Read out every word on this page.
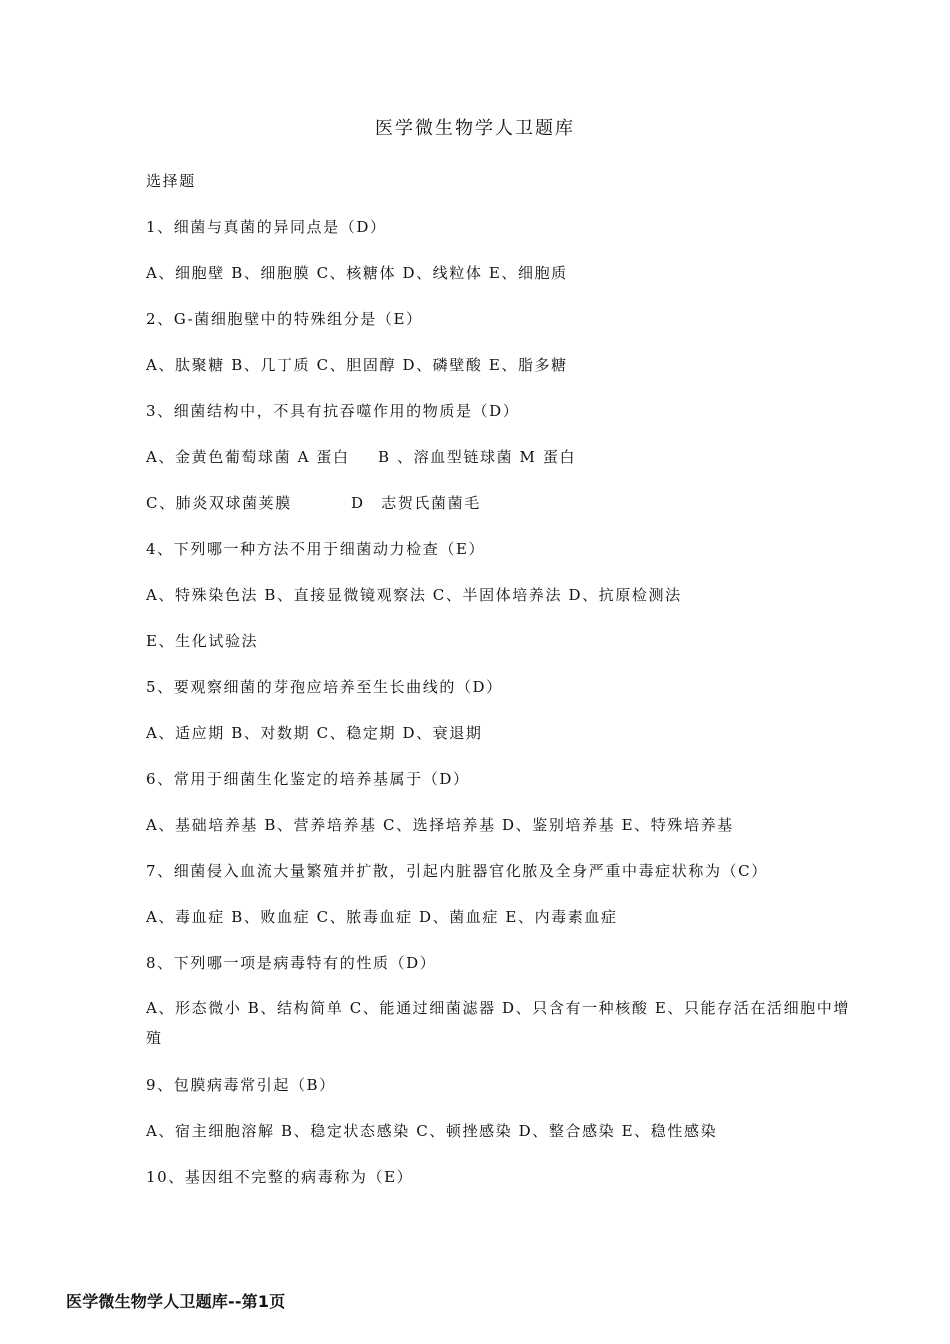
医学微生物学人卫题库
选择题
1、细菌与真菌的异同点是（D）
A、细胞壁 B、细胞膜 C、核糖体 D、线粒体 E、细胞质
2、G-菌细胞壁中的特殊组分是（E）
A、肽聚糖 B、几丁质 C、胆固醇 D、磷壁酸 E、脂多糖
3、细菌结构中，不具有抗吞噬作用的物质是（D）
A、金黄色葡萄球菌 A 蛋白 B 、溶血型链球菌 M 蛋白
C、肺炎双球菌荚膜	D　志贺氏菌菌毛
4、下列哪一种方法不用于细菌动力检查（E）
A、特殊染色法 B、直接显微镜观察法 C、半固体培养法 D、抗原检测法
E、生化试验法
5、要观察细菌的芽孢应培养至生长曲线的（D）
A、适应期 B、对数期 C、稳定期 D、衰退期
6、常用于细菌生化鉴定的培养基属于（D）
A、基础培养基 B、营养培养基 C、选择培养基 D、鉴别培养基 E、特殊培养基
7、细菌侵入血流大量繁殖并扩散，引起内脏器官化脓及全身严重中毒症状称为（C）
A、毒血症 B、败血症 C、脓毒血症 D、菌血症 E、内毒素血症
8、下列哪一项是病毒特有的性质（D）
A、形态微小 B、结构简单 C、能通过细菌滤器 D、只含有一种核酸 E、只能存活在活细胞中增殖
9、包膜病毒常引起（B）
A、宿主细胞溶解 B、稳定状态感染 C、顿挫感染 D、整合感染 E、稳性感染
10、基因组不完整的病毒称为（E）
医学微生物学人卫题库--第1页
